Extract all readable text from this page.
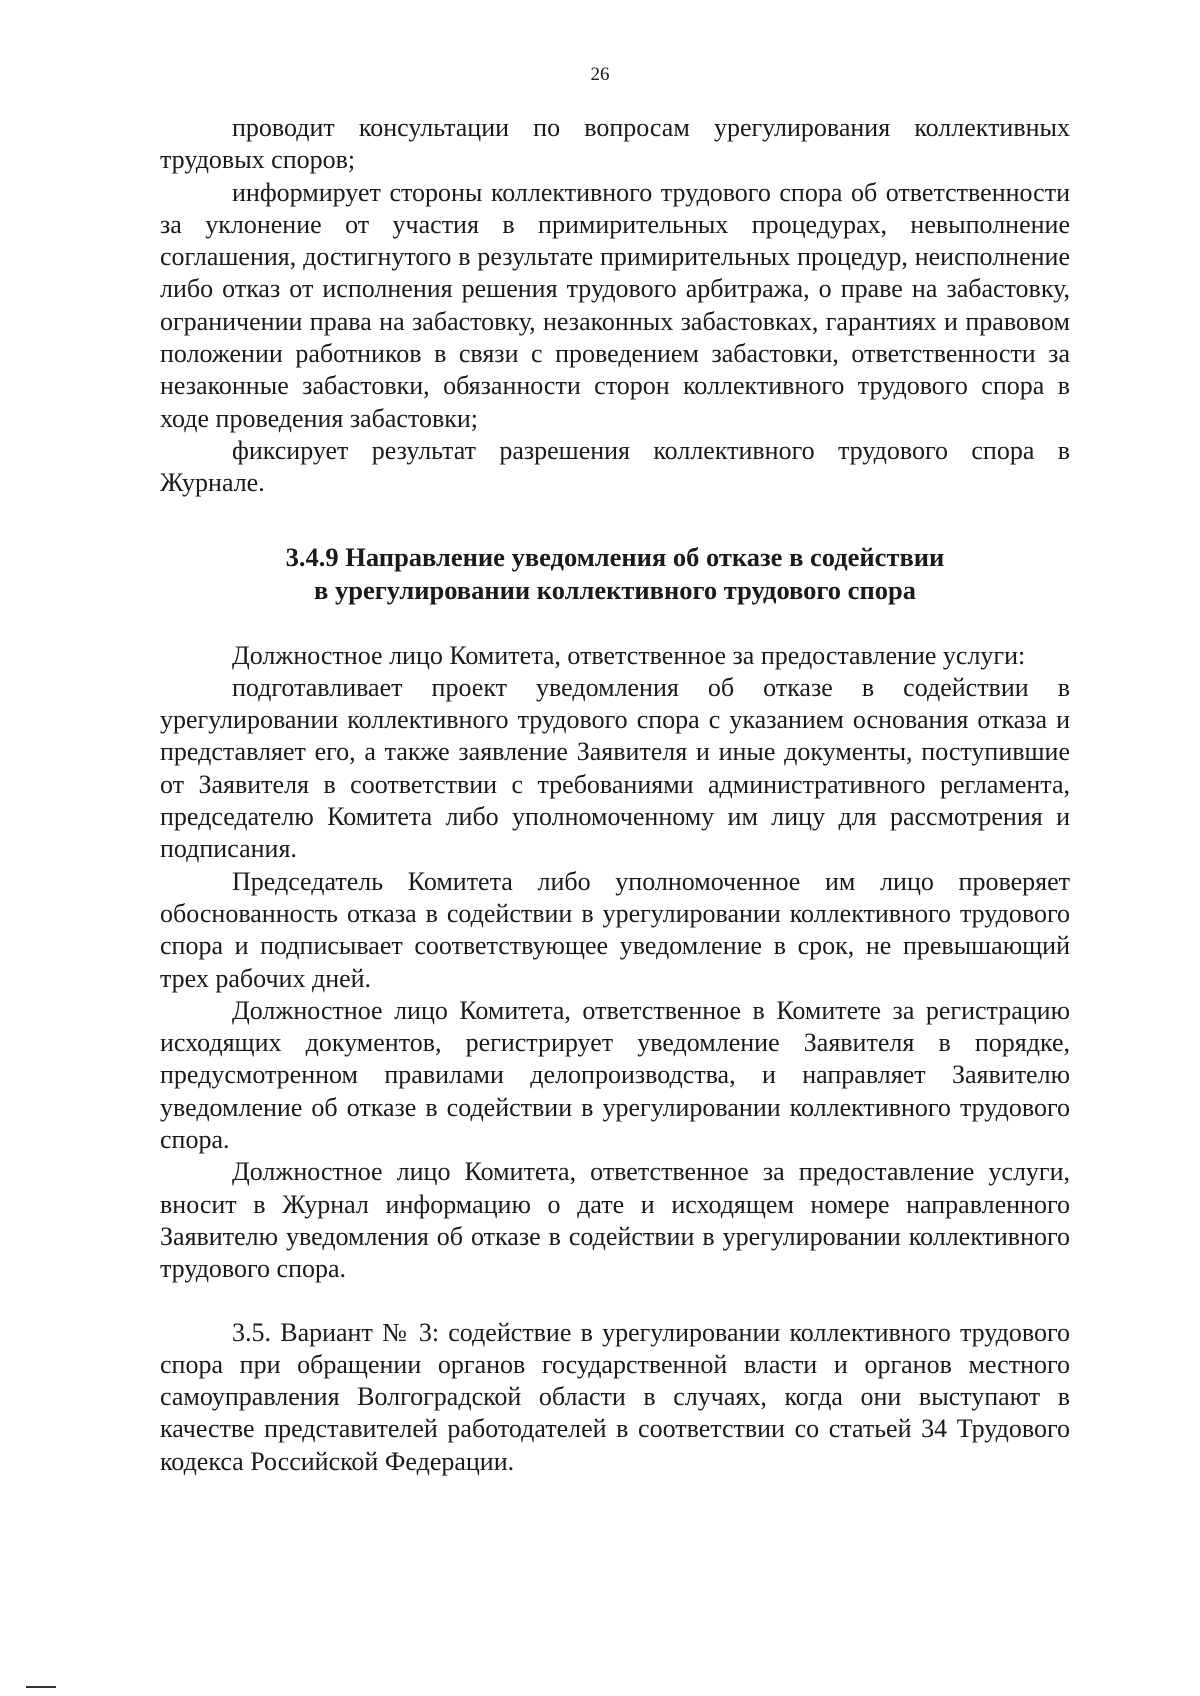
26

проводит консультации по вопросам урегулирования коллективных трудовых споров;

информирует стороны коллективного трудового спора об ответственности за уклонение от участия в примирительных процедурах, невыполнение соглашения, достигнутого в результате примирительных процедур, неисполнение либо отказ от исполнения решения трудового арбитража, о праве на забастовку, ограничении права на забастовку, незаконных забастовках, гарантиях и правовом положении работников в связи с проведением забастовки, ответственности за незаконные забастовки, обязанности сторон коллективного трудового спора в ходе проведения забастовки;

фиксирует результат разрешения коллективного трудового спора в Журнале.

3.4.9 Направление уведомления об отказе в содействии
в урегулировании коллективного трудового спора

Должностное лицо Комитета, ответственное за предоставление услуги:

подготавливает проект уведомления об отказе в содействии в урегулировании коллективного трудового спора с указанием основания отказа и представляет его, а также заявление Заявителя и иные документы, поступившие от Заявителя в соответствии с требованиями административного регламента, председателю Комитета либо уполномоченному им лицу для рассмотрения и подписания.

Председатель Комитета либо уполномоченное им лицо проверяет обоснованность отказа в содействии в урегулировании коллективного трудового спора и подписывает соответствующее уведомление в срок, не превышающий трех рабочих дней.

Должностное лицо Комитета, ответственное в Комитете за регистрацию исходящих документов, регистрирует уведомление Заявителя в порядке, предусмотренном правилами делопроизводства, и направляет Заявителю уведомление об отказе в содействии в урегулировании коллективного трудового спора.

Должностное лицо Комитета, ответственное за предоставление услуги, вносит в Журнал информацию о дате и исходящем номере направленного Заявителю уведомления об отказе в содействии в урегулировании коллективного трудового спора.

3.5. Вариант № 3: содействие в урегулировании коллективного трудового спора при обращении органов государственной власти и органов местного самоуправления Волгоградской области в случаях, когда они выступают в качестве представителей работодателей в соответствии со статьей 34 Трудового кодекса Российской Федерации.
